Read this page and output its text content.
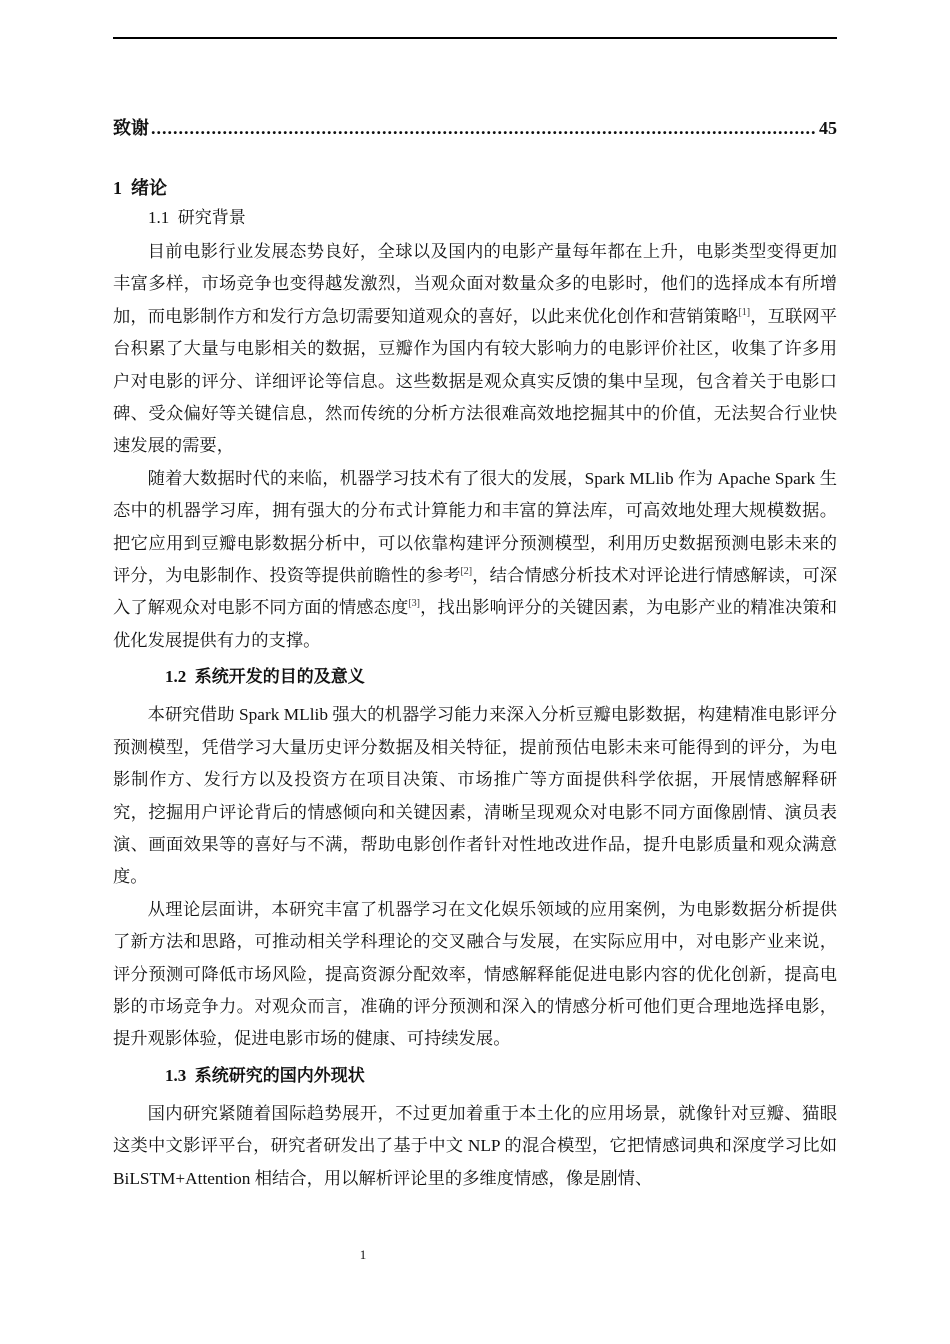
致谢
.....	45
1 绪论
1.1 研究背景

目前电影行业发展态势良好，全球以及国内的电影产量每年都在上升，电影类型变得更加丰富多样，市场竞争也变得越发激烈，当观众面对数量众多的电影时，他们的选择成本有所增加，而电影制作方和发行方急切需要知道观众的喜好，以此来优化创作和营销策略[1]，互联网平台积累了大量与电影相关的数据，豆瓣作为国内有较大影响力的电影评价社区，收集了许多用户对电影的评分、详细评论等信息。这些数据是观众真实反馈的集中呈现，包含着关于电影口碑、受众偏好等关键信息，然而传统的分析方法很难高效地挖掘其中的价值，无法契合行业快速发展的需要，

随着大数据时代的来临，机器学习技术有了很大的发展，Spark MLlib 作为 Apache Spark 生态中的机器学习库，拥有强大的分布式计算能力和丰富的算法库，可高效地处理大规模数据。把它应用到豆瓣电影数据分析中，可以依靠构建评分预测模型，利用历史数据预测电影未来的评分，为电影制作、投资等提供前瞻性的参考[2]，结合情感分析技术对评论进行情感解读，可深入了解观众对电影不同方面的情感态度[3]，找出影响评分的关键因素，为电影产业的精准决策和优化发展提供有力的支撑。

1.2 系统开发的目的及意义

本研究借助 Spark MLlib 强大的机器学习能力来深入分析豆瓣电影数据，构建精准电影评分预测模型，凭借学习大量历史评分数据及相关特征，提前预估电影未来可能得到的评分，为电影制作方、发行方以及投资方在项目决策、市场推广等方面提供科学依据，开展情感解释研究，挖掘用户评论背后的情感倾向和关键因素，清晰呈现观众对电影不同方面像剧情、演员表演、画面效果等的喜好与不满，帮助电影创作者针对性地改进作品，提升电影质量和观众满意度。

从理论层面讲，本研究丰富了机器学习在文化娱乐领域的应用案例，为电影数据分析提供了新方法和思路，可推动相关学科理论的交叉融合与发展，在实际应用中，对电影产业来说，评分预测可降低市场风险，提高资源分配效率，情感解释能促进电影内容的优化创新，提高电影的市场竞争力。对观众而言，准确的评分预测和深入的情感分析可他们更合理地选择电影，提升观影体验，促进电影市场的健康、可持续发展。

1.3 系统研究的国内外现状

国内研究紧随着国际趋势展开，不过更加着重于本土化的应用场景，就像针对豆瓣、猫眼这类中文影评平台，研究者研发出了基于中文 NLP 的混合模型，它把情感词典和深度学习比如 BiLSTM+Attention 相结合，用以解析评论里的多维度情感，像是剧情、

1
